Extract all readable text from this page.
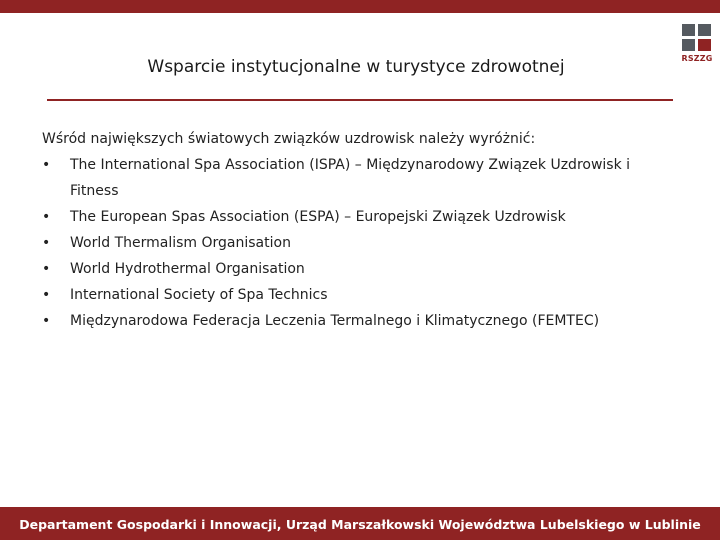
RSZZG
Wsparcie instytucjonalne w turystyce zdrowotnej
Wśród największych światowych związków uzdrowisk należy wyróżnić:
• The International Spa Association (ISPA) – Międzynarodowy Związek Uzdrowisk i Fitness
• The European Spas Association (ESPA) – Europejski Związek Uzdrowisk
• World Thermalism Organisation
• World Hydrothermal Organisation
• International Society of Spa Technics
• Międzynarodowa Federacja Leczenia Termalnego i Klimatycznego (FEMTEC)
Departament Gospodarki i Innowacji, Urząd Marszałkowski Województwa Lubelskiego w Lublinie
